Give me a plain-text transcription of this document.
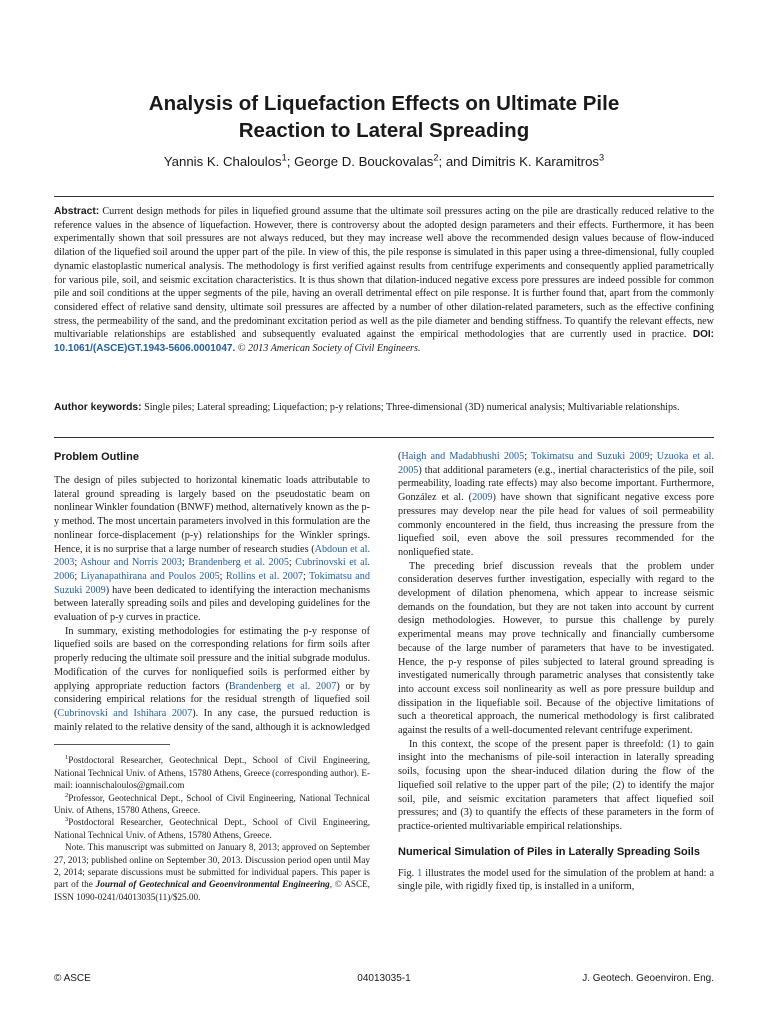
Analysis of Liquefaction Effects on Ultimate Pile
Reaction to Lateral Spreading
Yannis K. Chaloulos$^1$; George D. Bouckovalas$^2$; and Dimitris K. Karamitros$^3$
Abstract: Current design methods for piles in liquefied ground assume that the ultimate soil pressures acting on the pile are drastically reduced relative to the reference values in the absence of liquefaction. However, there is controversy about the adopted design parameters and their effects. Furthermore, it has been experimentally shown that soil pressures are not always reduced, but they may increase well above the recommended design values because of flow-induced dilation of the liquefied soil around the upper part of the pile. In view of this, the pile response is simulated in this paper using a three-dimensional, fully coupled dynamic elastoplastic numerical analysis. The methodology is first verified against results from centrifuge experiments and consequently applied parametrically for various pile, soil, and seismic excitation characteristics. It is thus shown that dilation-induced negative excess pore pressures are indeed possible for common pile and soil conditions at the upper segments of the pile, having an overall detrimental effect on pile response. It is further found that, apart from the commonly considered effect of relative sand density, ultimate soil pressures are affected by a number of other dilation-related parameters, such as the effective confining stress, the permeability of the sand, and the predominant excitation period as well as the pile diameter and bending stiffness. To quantify the relevant effects, new multivariable relationships are established and subsequently evaluated against the empirical methodologies that are currently used in practice. DOI: 10.1061/(ASCE)GT.1943-5606.0001047. © 2013 American Society of Civil Engineers.
Author keywords: Single piles; Lateral spreading; Liquefaction; p-y relations; Three-dimensional (3D) numerical analysis; Multivariable relationships.
Problem Outline

The design of piles subjected to horizontal kinematic loads attributable to lateral ground spreading is largely based on the pseudostatic beam on nonlinear Winkler foundation (BNWF) method, alternatively known as the p-y method. The most uncertain parameters involved in this formulation are the nonlinear force-displacement (p-y) relationships for the Winkler springs. Hence, it is no surprise that a large number of research studies (Abdoun et al. 2003; Ashour and Norris 2003; Brandenberg et al. 2005; Cubrinovski et al. 2006; Liyanapathirana and Poulos 2005; Rollins et al. 2007; Tokimatsu and Suzuki 2009) have been dedicated to identifying the interaction mechanisms between laterally spreading soils and piles and developing guidelines for the evaluation of p-y curves in practice.

In summary, existing methodologies for estimating the p-y response of liquefied soils are based on the corresponding relations for firm soils after properly reducing the ultimate soil pressure and the initial subgrade modulus. Modification of the curves for nonliquefied soils is performed either by applying appropriate reduction factors (Brandenberg et al. 2007) or by considering empirical relations for the residual strength of liquefied soil (Cubrinovski and Ishihara 2007). In any case, the pursued reduction is mainly related to the relative density of the sand, although it is acknowledged

$^1$Postdoctoral Researcher, Geotechnical Dept., School of Civil Engineering, National Technical Univ. of Athens, 15780 Athens, Greece (corresponding author). E-mail: ioannischaloulos@gmail.com

$^2$Professor, Geotechnical Dept., School of Civil Engineering, National Technical Univ. of Athens, 15780 Athens, Greece.

$^3$Postdoctoral Researcher, Geotechnical Dept., School of Civil Engineering, National Technical Univ. of Athens, 15780 Athens, Greece.

Note. This manuscript was submitted on January 8, 2013; approved on September 27, 2013; published online on September 30, 2013. Discussion period open until May 2, 2014; separate discussions must be submitted for individual papers. This paper is part of the Journal of Geotechnical and Geoenvironmental Engineering, © ASCE, ISSN 1090-0241/04013035(11)/$25.00.

(Haigh and Madabhushi 2005; Tokimatsu and Suzuki 2009; Uzuoka et al. 2005) that additional parameters (e.g., inertial characteristics of the pile, soil permeability, loading rate effects) may also become important. Furthermore, González et al. (2009) have shown that significant negative excess pore pressures may develop near the pile head for values of soil permeability commonly encountered in the field, thus increasing the pressure from the liquefied soil, even above the soil pressures recommended for the nonliquefied state.

The preceding brief discussion reveals that the problem under consideration deserves further investigation, especially with regard to the development of dilation phenomena, which appear to increase seismic demands on the foundation, but they are not taken into account by current design methodologies. However, to pursue this challenge by purely experimental means may prove technically and financially cumbersome because of the large number of parameters that have to be investigated. Hence, the p-y response of piles subjected to lateral ground spreading is investigated numerically through parametric analyses that consistently take into account excess soil nonlinearity as well as pore pressure buildup and dissipation in the liquefiable soil. Because of the objective limitations of such a theoretical approach, the numerical methodology is first calibrated against the results of a well-documented relevant centrifuge experiment.

In this context, the scope of the present paper is threefold: (1) to gain insight into the mechanisms of pile-soil interaction in laterally spreading soils, focusing upon the shear-induced dilation during the flow of the liquefied soil relative to the upper part of the pile; (2) to identify the major soil, pile, and seismic excitation parameters that affect liquefied soil pressures; and (3) to quantify the effects of these parameters in the form of practice-oriented multivariable empirical relationships.

Numerical Simulation of Piles in Laterally Spreading Soils

Fig. 1 illustrates the model used for the simulation of the problem at hand: a single pile, with rigidly fixed tip, is installed in a uniform,

© ASCE	04013035-1	J. Geotech. Geoenviron. Eng.
